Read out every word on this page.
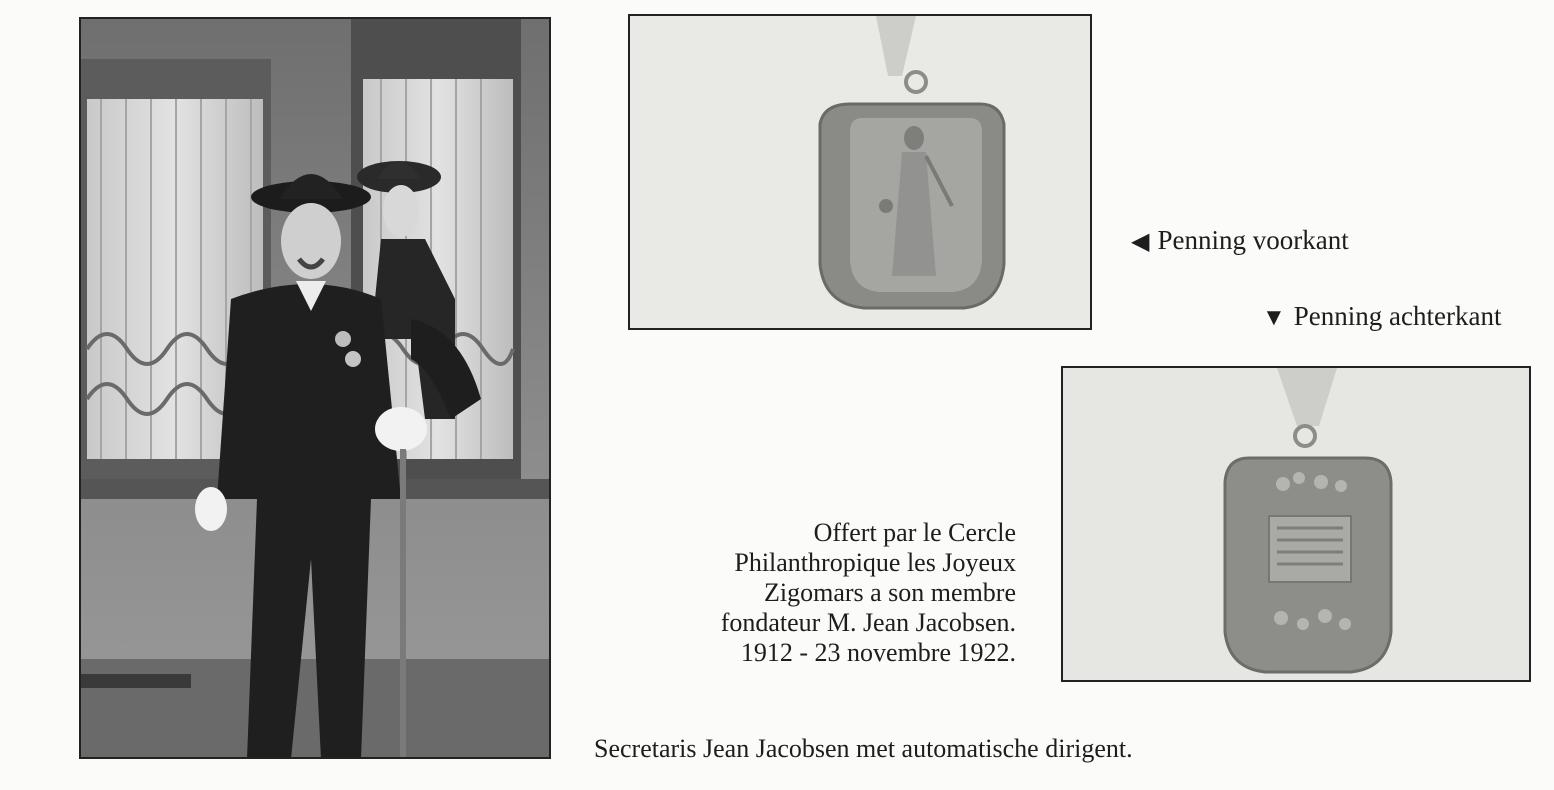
◀ Penning voorkant
▼ Penning achterkant
Offert par le Cercle
Philanthropique les Joyeux
Zigomars a son membre
fondateur M. Jean Jacobsen.
1912 - 23 novembre 1922.
Secretaris Jean Jacobsen met automatische dirigent.
